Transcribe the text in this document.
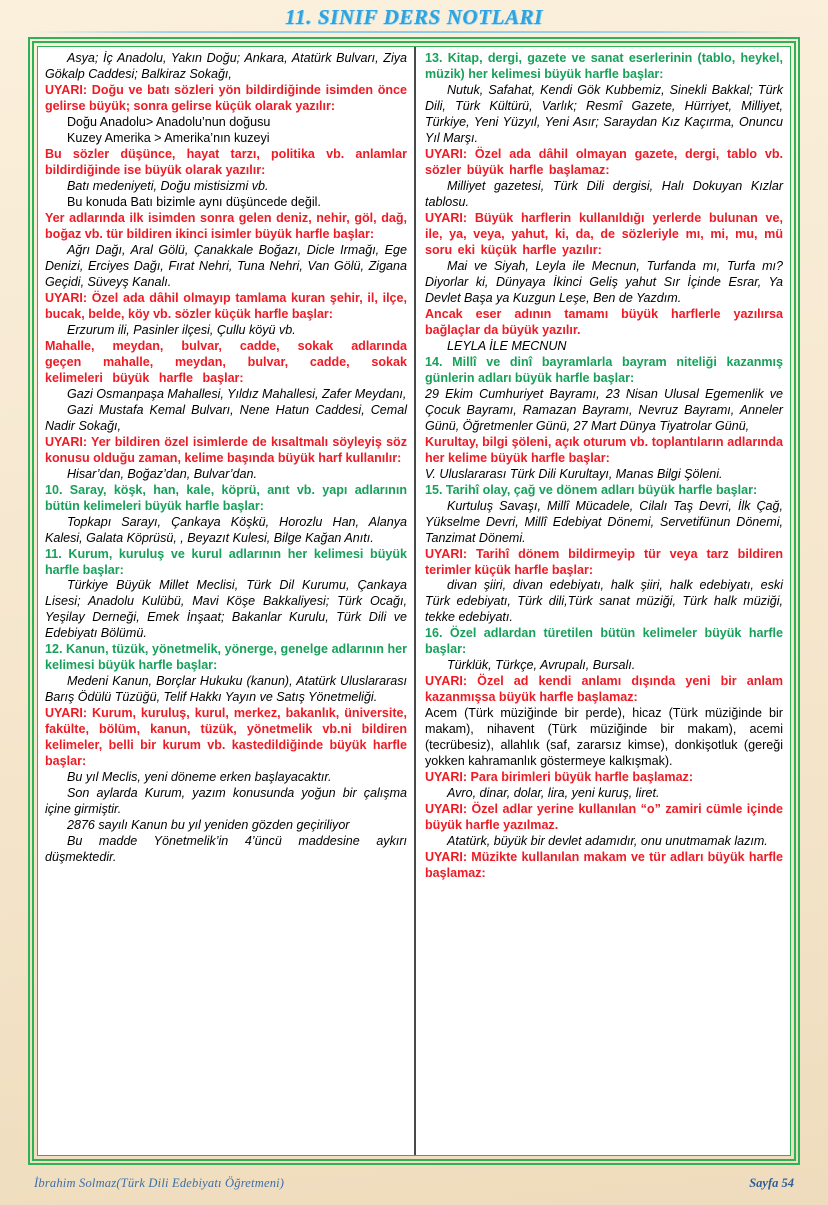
11. SINIF DERS NOTLARI

Asya; İç Anadolu, Yakın Doğu; Ankara, Atatürk Bulvarı, Ziya Gökalp Caddesi; Balkiraz Sokağı,

UYARI: Doğu ve batı sözleri yön bildirdiğinde isimden önce gelirse büyük; sonra gelirse küçük olarak yazılır:

Doğu Anadolu> Anadolu’nun doğusu

Kuzey Amerika > Amerika’nın kuzeyi

Bu sözler düşünce, hayat tarzı, politika vb. anlamlar bildirdiğinde ise büyük olarak yazılır:

Batı medeniyeti, Doğu mistisizmi vb.

Bu konuda Batı bizimle aynı düşüncede değil.

Yer adlarında ilk isimden sonra gelen deniz, nehir, göl, dağ, boğaz vb. tür bildiren ikinci isimler büyük harfle başlar:

Ağrı Dağı, Aral Gölü, Çanakkale Boğazı, Dicle Irmağı, Ege Denizi, Erciyes Dağı, Fırat Nehri, Tuna Nehri, Van Gölü, Zigana Geçidi, Süveyş Kanalı.

UYARI: Özel ada dâhil olmayıp tamlama kuran şehir, il, ilçe, bucak, belde, köy vb. sözler küçük harfle başlar:

Erzurum ili, Pasinler ilçesi, Çullu köyü vb.

Mahalle, meydan, bulvar, cadde, sokak adlarında geçen mahalle, meydan, bulvar, cadde, sokak kelimeleri büyük harfle başlar:

Gazi Osmanpaşa Mahallesi, Yıldız Mahallesi, Zafer Meydanı,

Gazi Mustafa Kemal Bulvarı, Nene Hatun Caddesi, Cemal Nadir Sokağı,

UYARI: Yer bildiren özel isimlerde de kısaltmalı söyleyiş söz konusu olduğu zaman, kelime başında büyük harf kullanılır:

Hisar’dan, Boğaz’dan, Bulvar’dan.

10. Saray, köşk, han, kale, köprü, anıt vb. yapı adlarının bütün kelimeleri büyük harfle başlar:

Topkapı Sarayı, Çankaya Köşkü, Horozlu Han, Alanya Kalesi, Galata Köprüsü, , Beyazıt Kulesi, Bilge Kağan Anıtı.

11. Kurum, kuruluş ve kurul adlarının her kelimesi büyük harfle başlar:

Türkiye Büyük Millet Meclisi, Türk Dil Kurumu, Çankaya Lisesi; Anadolu Kulübü, Mavi Köşe Bakkaliyesi; Türk Ocağı, Yeşilay Derneği, Emek İnşaat; Bakanlar Kurulu, Türk Dili ve Edebiyatı Bölümü.

12. Kanun, tüzük, yönetmelik, yönerge, genelge adlarının her kelimesi büyük harfle başlar:

Medeni Kanun, Borçlar Hukuku (kanun), Atatürk Uluslararası Barış Ödülü Tüzüğü, Telif Hakkı Yayın ve Satış Yönetmeliği.

UYARI: Kurum, kuruluş, kurul, merkez, bakanlık, üniversite, fakülte, bölüm, kanun, tüzük, yönetmelik vb.ni bildiren kelimeler, belli bir kurum vb. kastedildiğinde büyük harfle başlar:

Bu yıl Meclis, yeni döneme erken başlayacaktır.

Son aylarda Kurum, yazım konusunda yoğun bir çalışma içine girmiştir.

2876 sayılı Kanun bu yıl yeniden gözden geçiriliyor

Bu madde Yönetmelik’in 4’üncü maddesine aykırı düşmektedir.

13. Kitap, dergi, gazete ve sanat eserlerinin (tablo, heykel, müzik) her kelimesi büyük harfle başlar:

Nutuk, Safahat, Kendi Gök Kubbemiz, Sinekli Bakkal; Türk Dili, Türk Kültürü, Varlık; Resmî Gazete, Hürriyet, Milliyet, Türkiye, Yeni Yüzyıl, Yeni Asır; Saraydan Kız Kaçırma, Onuncu Yıl Marşı.

UYARI: Özel ada dâhil olmayan gazete, dergi, tablo vb. sözler büyük harfle başlamaz:

Milliyet gazetesi, Türk Dili dergisi, Halı Dokuyan Kızlar tablosu.

UYARI: Büyük harflerin kullanıldığı yerlerde bulunan ve, ile, ya, veya, yahut, ki, da, de sözleriyle mı, mi, mu, mü soru eki küçük harfle yazılır:

Mai ve Siyah, Leyla ile Mecnun, Turfanda mı, Turfa mı? Diyorlar ki, Dünyaya İkinci Geliş yahut Sır İçinde Esrar, Ya Devlet Başa ya Kuzgun Leşe, Ben de Yazdım.

Ancak eser adının tamamı büyük harflerle yazılırsa bağlaçlar da büyük yazılır.

LEYLA İLE MECNUN

14. Millî ve dinî bayramlarla bayram niteliği kazanmış günlerin adları büyük harfle başlar:

29 Ekim Cumhuriyet Bayramı, 23 Nisan Ulusal Egemenlik ve Çocuk Bayramı, Ramazan Bayramı, Nevruz Bayramı, Anneler Günü, Öğretmenler Günü, 27 Mart Dünya Tiyatrolar Günü,

Kurultay, bilgi şöleni, açık oturum vb. toplantıların adlarında her kelime büyük harfle başlar:

V. Uluslararası Türk Dili Kurultayı, Manas Bilgi Şöleni.

15. Tarihî olay, çağ ve dönem adları büyük harfle başlar:

Kurtuluş Savaşı, Millî Mücadele, Cilalı Taş Devri, İlk Çağ, Yükselme Devri, Millî Edebiyat Dönemi, Servetifünun Dönemi, Tanzimat Dönemi.

UYARI: Tarihî dönem bildirmeyip tür veya tarz bildiren terimler küçük harfle başlar:

divan şiiri, divan edebiyatı, halk şiiri, halk edebiyatı, eski Türk edebiyatı, Türk dili,Türk sanat müziği, Türk halk müziği, tekke edebiyatı.

16. Özel adlardan türetilen bütün kelimeler büyük harfle başlar:

Türklük, Türkçe, Avrupalı, Bursalı.

UYARI: Özel ad kendi anlamı dışında yeni bir anlam kazanmışsa büyük harfle başlamaz:

Acem (Türk müziğinde bir perde), hicaz (Türk müziğinde bir makam), nihavent (Türk müziğinde bir makam), acemi (tecrübesiz), allahlık (saf, zararsız kimse), donkişotluk (gereği yokken kahramanlık göstermeye kalkışmak).

UYARI: Para birimleri büyük harfle başlamaz:

Avro, dinar, dolar, lira, yeni kuruş, liret.

UYARI: Özel adlar yerine kullanılan “o” zamiri cümle içinde büyük harfle yazılmaz.

Atatürk, büyük bir devlet adamıdır, onu unutmamak lazım.

UYARI: Müzikte kullanılan makam ve tür adları büyük harfle başlamaz:

İbrahim Solmaz(Türk Dili Edebiyatı Öğretmeni)	Sayfa 54
